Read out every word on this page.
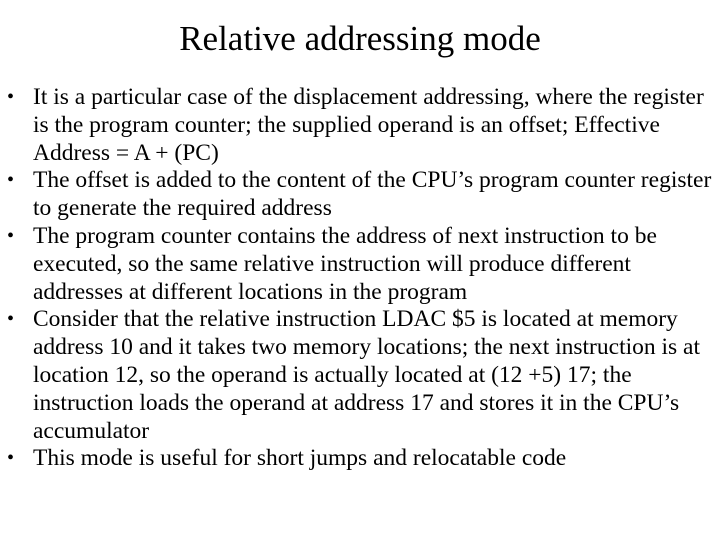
Relative addressing mode
• It is a particular case of the displacement addressing, where the register is the program counter; the supplied operand is an offset; Effective Address = A + (PC)
• The offset is added to the content of the CPU’s program counter register to generate the required address
• The program counter contains the address of next instruction to be executed, so the same relative instruction will produce different addresses at different locations in the program
• Consider that the relative instruction LDAC $5 is located at memory address 10 and it takes two memory locations; the next instruction is at location 12, so the operand is actually located at (12 +5) 17; the instruction loads the operand at address 17 and stores it in the CPU’s accumulator
• This mode is useful for short jumps and relocatable code
